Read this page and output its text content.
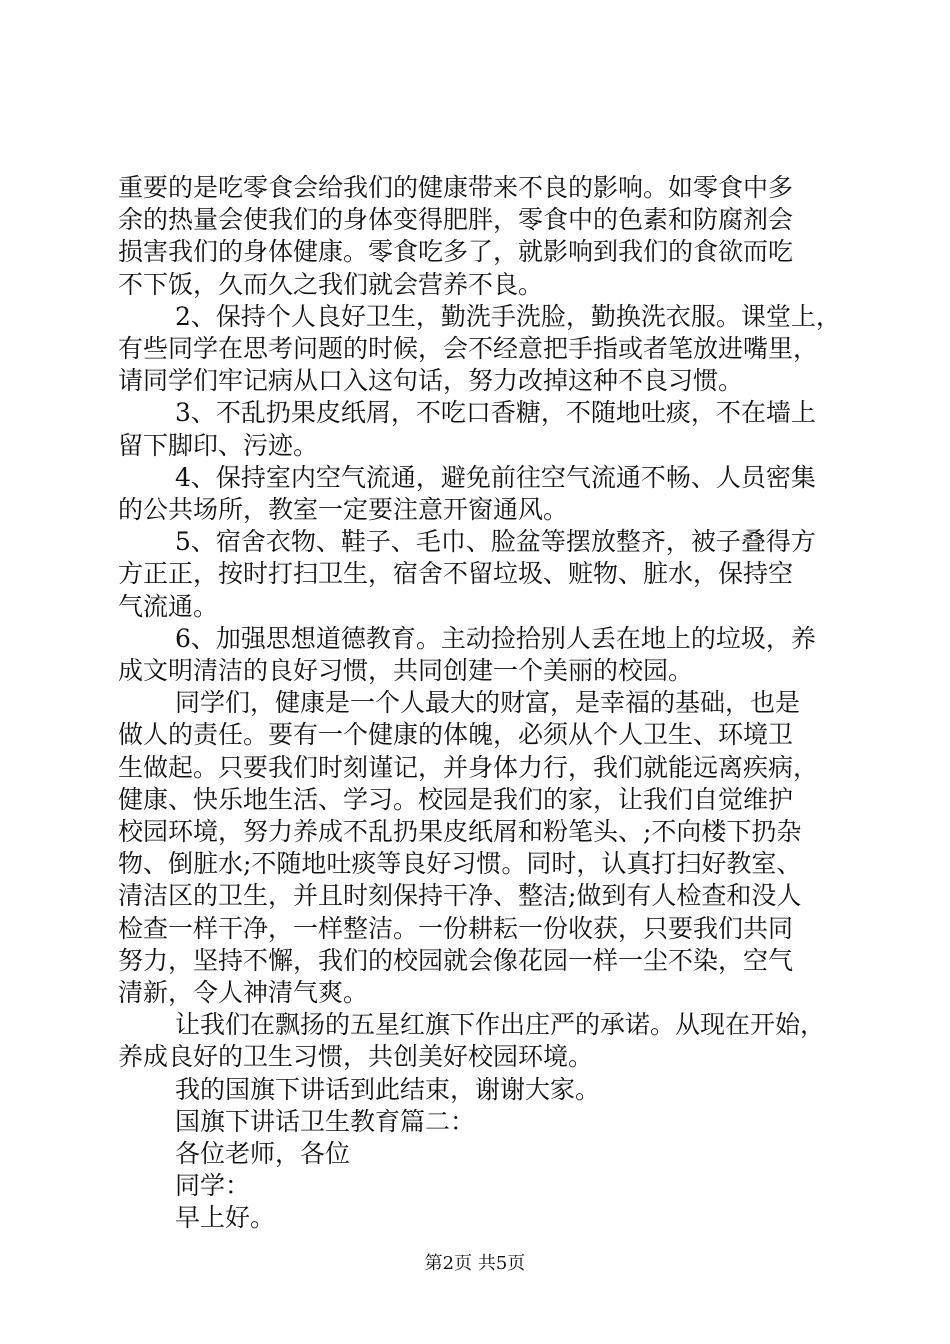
重要的是吃零食会给我们的健康带来不良的影响。如零食中多
余的热量会使我们的身体变得肥胖，零食中的色素和防腐剂会
损害我们的身体健康。零食吃多了，就影响到我们的食欲而吃
不下饭，久而久之我们就会营养不良。
2、保持个人良好卫生，勤洗手洗脸，勤换洗衣服。课堂上，
有些同学在思考问题的时候，会不经意把手指或者笔放进嘴里，
请同学们牢记病从口入这句话，努力改掉这种不良习惯。
3、不乱扔果皮纸屑，不吃口香糖，不随地吐痰，不在墙上
留下脚印、污迹。
4、保持室内空气流通，避免前往空气流通不畅、人员密集
的公共场所，教室一定要注意开窗通风。
5、宿舍衣物、鞋子、毛巾、脸盆等摆放整齐，被子叠得方
方正正，按时打扫卫生，宿舍不留垃圾、赃物、脏水，保持空
气流通。
6、加强思想道德教育。主动捡拾别人丢在地上的垃圾，养
成文明清洁的良好习惯，共同创建一个美丽的校园。
同学们，健康是一个人最大的财富，是幸福的基础，也是
做人的责任。要有一个健康的体魄，必须从个人卫生、环境卫
生做起。只要我们时刻谨记，并身体力行，我们就能远离疾病，
健康、快乐地生活、学习。校园是我们的家，让我们自觉维护
校园环境，努力养成不乱扔果皮纸屑和粉笔头、;不向楼下扔杂
物、倒脏水;不随地吐痰等良好习惯。同时，认真打扫好教室、
清洁区的卫生，并且时刻保持干净、整洁;做到有人检查和没人
检查一样干净，一样整洁。一份耕耘一份收获，只要我们共同
努力，坚持不懈，我们的校园就会像花园一样一尘不染，空气
清新，令人神清气爽。
让我们在飘扬的五星红旗下作出庄严的承诺。从现在开始，
养成良好的卫生习惯，共创美好校园环境。
我的国旗下讲话到此结束，谢谢大家。
国旗下讲话卫生教育篇二：
各位老师，各位
同学：
早上好。
第2页 共5页
